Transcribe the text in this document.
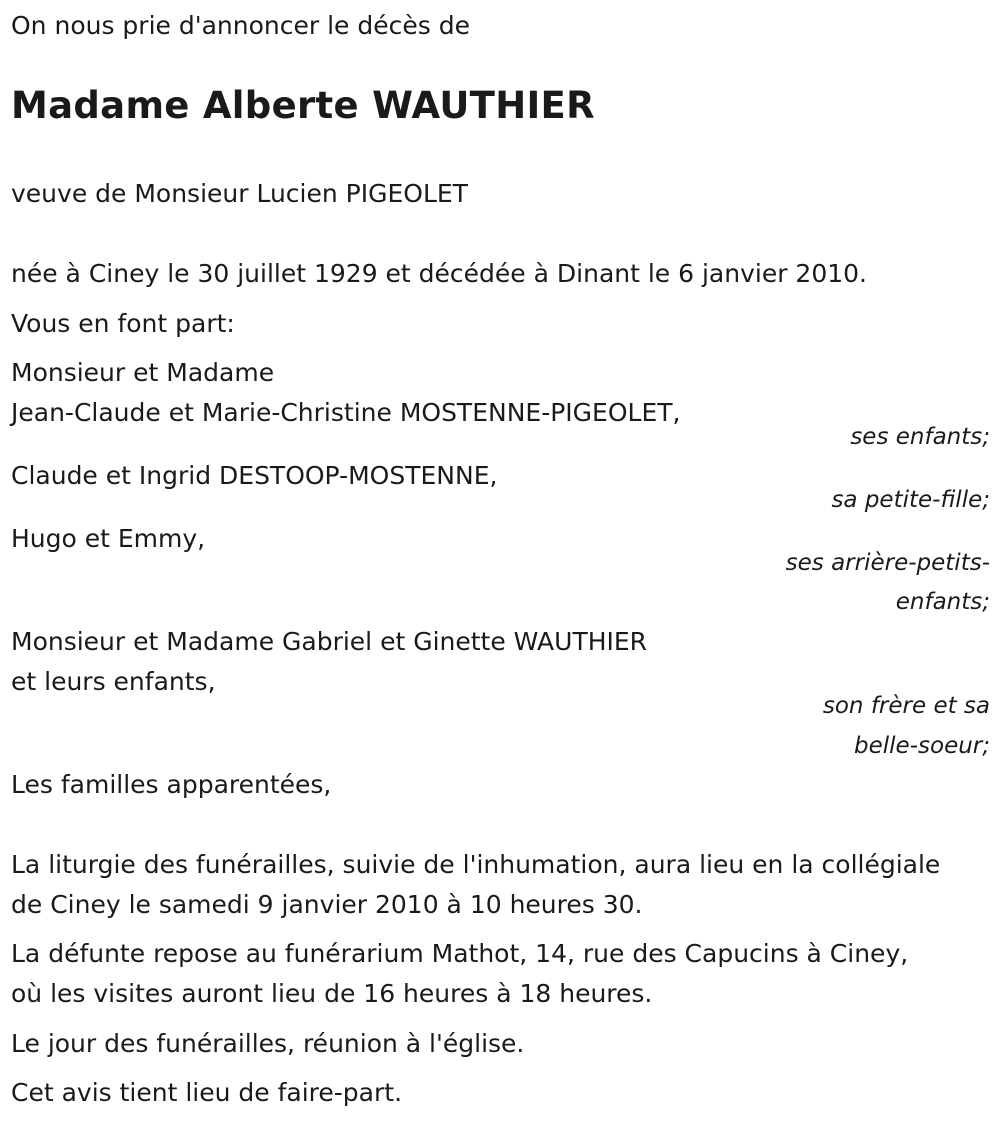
On nous prie d'annoncer le décès de
Madame Alberte WAUTHIER
veuve de Monsieur Lucien PIGEOLET
née à Ciney le 30 juillet 1929 et décédée à Dinant le 6 janvier 2010.
Vous en font part:
Monsieur et Madame
Jean-Claude et Marie-Christine MOSTENNE-PIGEOLET,
ses enfants;
Claude et Ingrid DESTOOP-MOSTENNE,
sa petite-fille;
Hugo et Emmy,
ses arrière-petits-
enfants;
Monsieur et Madame Gabriel et Ginette WAUTHIER
et leurs enfants,
son frère et sa
belle-soeur;
Les familles apparentées,
La liturgie des funérailles, suivie de l'inhumation, aura lieu en la collégiale
de Ciney le samedi 9 janvier 2010 à 10 heures 30.
La défunte repose au funérarium Mathot, 14, rue des Capucins à Ciney,
où les visites auront lieu de 16 heures à 18 heures.
Le jour des funérailles, réunion à l'église.
Cet avis tient lieu de faire-part.
